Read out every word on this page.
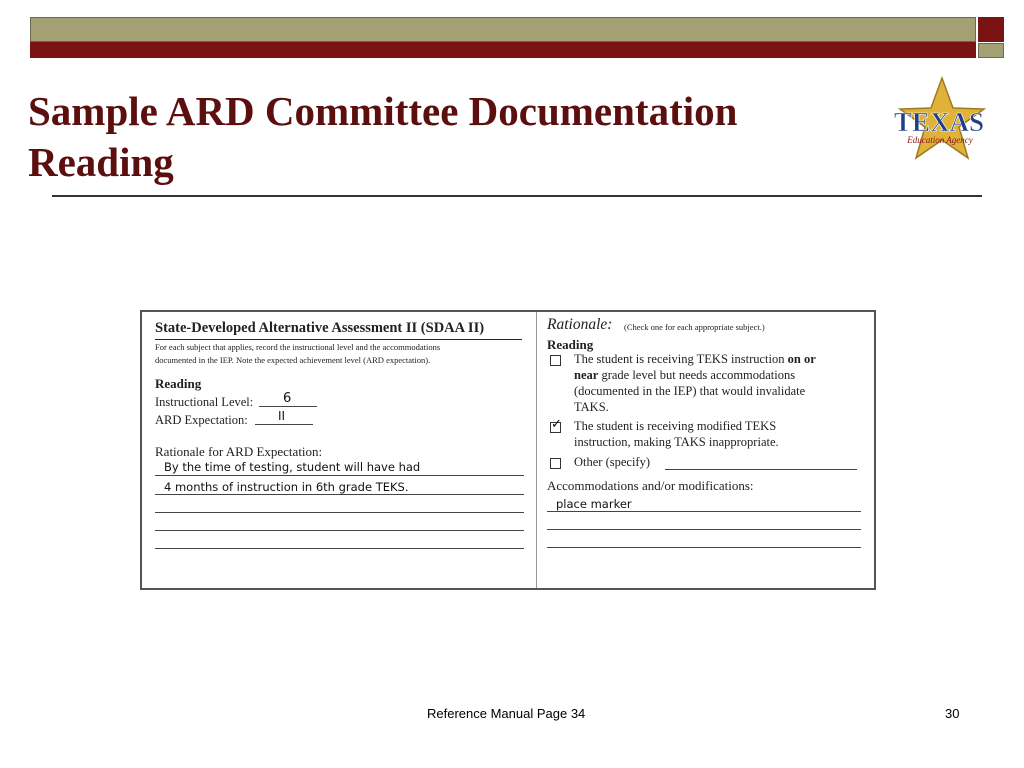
Sample ARD Committee Documentation
Reading
TEXAS
Education Agency
State-Developed Alternative Assessment II (SDAA II)
For each subject that applies, record the instructional level and the accommodations
documented in the IEP. Note the expected achievement level (ARD expectation).
Reading
Instructional Level: 6
ARD Expectation:	II
Rationale for ARD Expectation:
By the time of testing, student will have had
4 months of instruction in 6th grade TEKS.
Rationale: (Check one for each appropriate subject.)
Reading
The student is receiving TEKS instruction on or
near grade level but needs accommodations
(documented in the IEP) that would invalidate
TAKS.
✓ The student is receiving modified TEKS
instruction, making TAKS inappropriate.
Other (specify)
Accommodations and/or modifications:
place marker
Reference Manual Page 34	30
